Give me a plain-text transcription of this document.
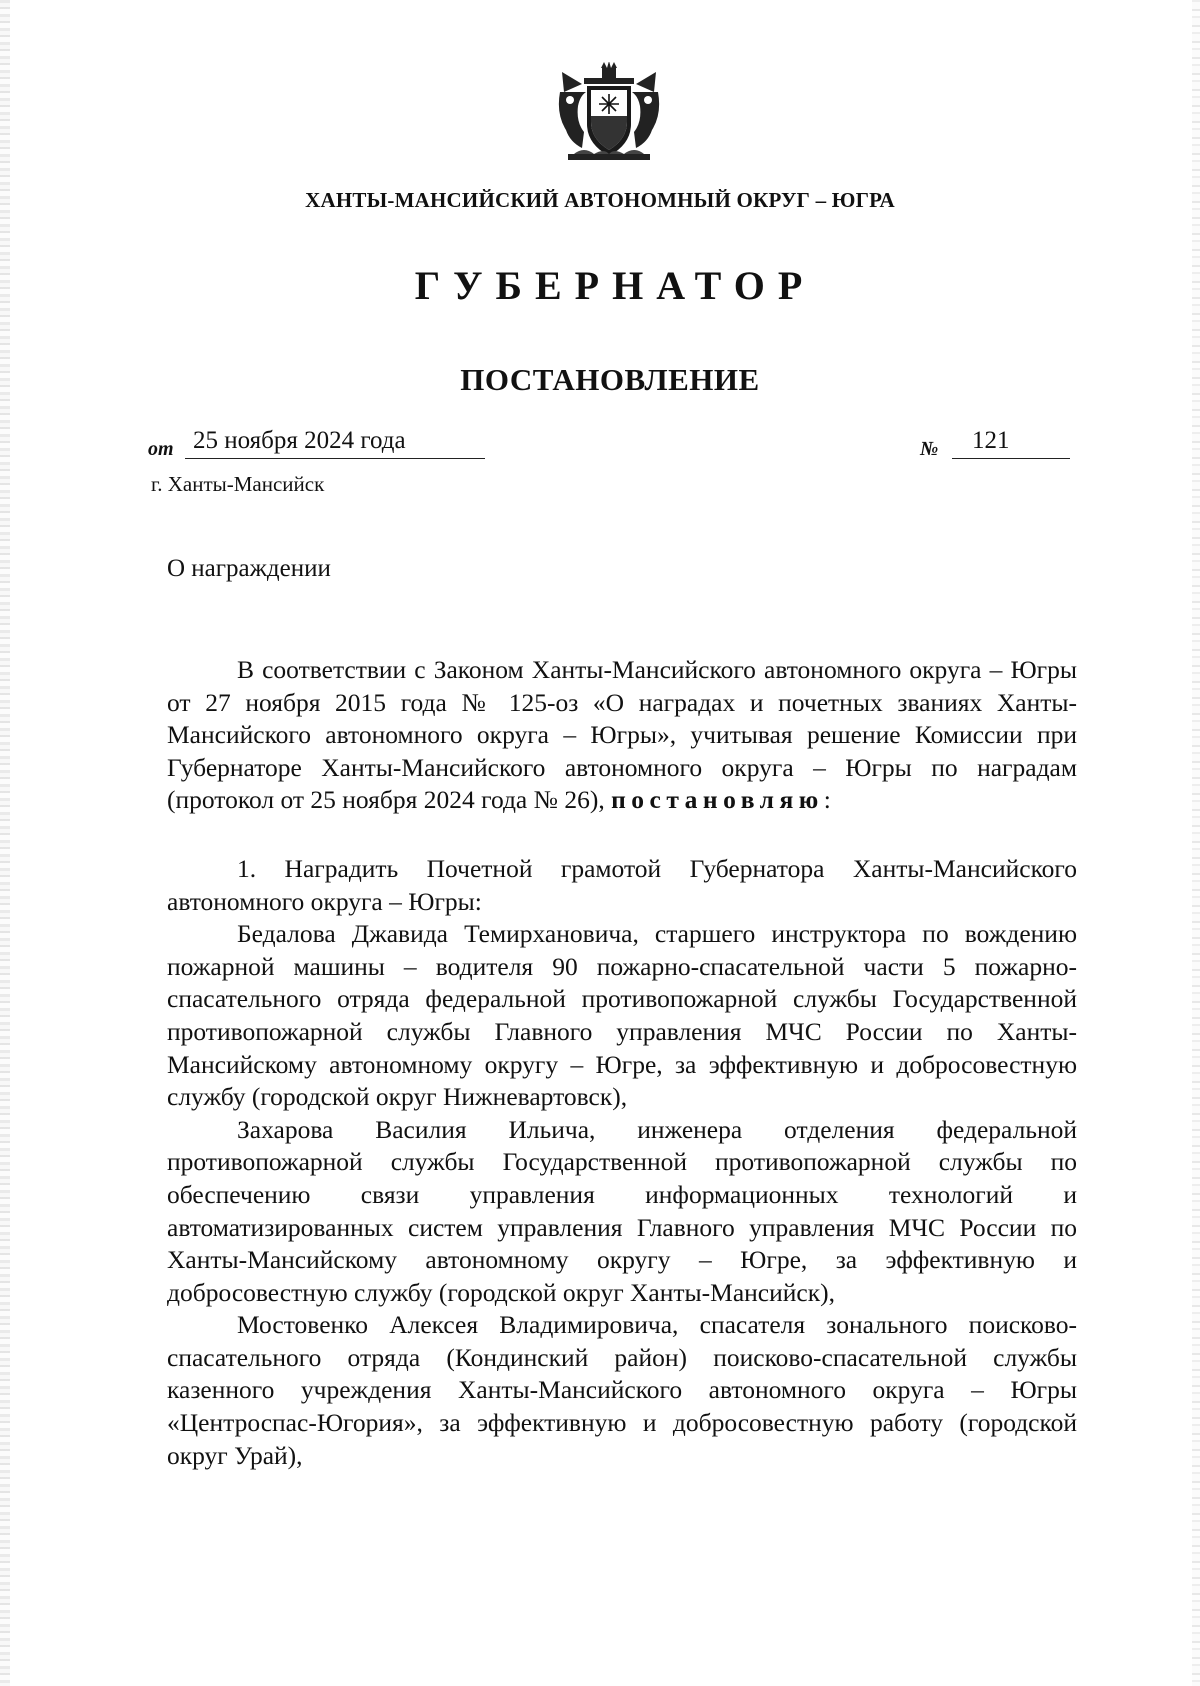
ХАНТЫ-МАНСИЙСКИЙ АВТОНОМНЫЙ ОКРУГ – ЮГРА
ГУБЕРНАТОР
ПОСТАНОВЛЕНИЕ
от 25 ноября 2024 года	№	121
г. Ханты-Мансийск
О награждении

В соответствии с Законом Ханты-Мансийского автономного округа – Югры от 27 ноября 2015 года № 125-оз «О наградах и почетных званиях Ханты-Мансийского автономного округа – Югры», учитывая решение Комиссии при Губернаторе Ханты-Мансийского автономного округа – Югры по наградам (протокол от 25 ноября 2024 года № 26), постановляю:

1. Наградить Почетной грамотой Губернатора Ханты-Мансийского автономного округа – Югры:

Бедалова Джавида Темирхановича, старшего инструктора по вождению пожарной машины – водителя 90 пожарно-спасательной части 5 пожарно-спасательного отряда федеральной противопожарной службы Государственной противопожарной службы Главного управления МЧС России по Ханты-Мансийскому автономному округу – Югре, за эффективную и добросовестную службу (городской округ Нижневартовск),

Захарова Василия Ильича, инженера отделения федеральной противопожарной службы Государственной противопожарной службы по обеспечению связи управления информационных технологий и автоматизированных систем управления Главного управления МЧС России по Ханты-Мансийскому автономному округу – Югре, за эффективную и добросовестную службу (городской округ Ханты-Мансийск),

Мостовенко Алексея Владимировича, спасателя зонального поисково-спасательного отряда (Кондинский район) поисково-спасательной службы казенного учреждения Ханты-Мансийского автономного округа – Югры «Центроспас-Югория», за эффективную и добросовестную работу (городской округ Урай),
